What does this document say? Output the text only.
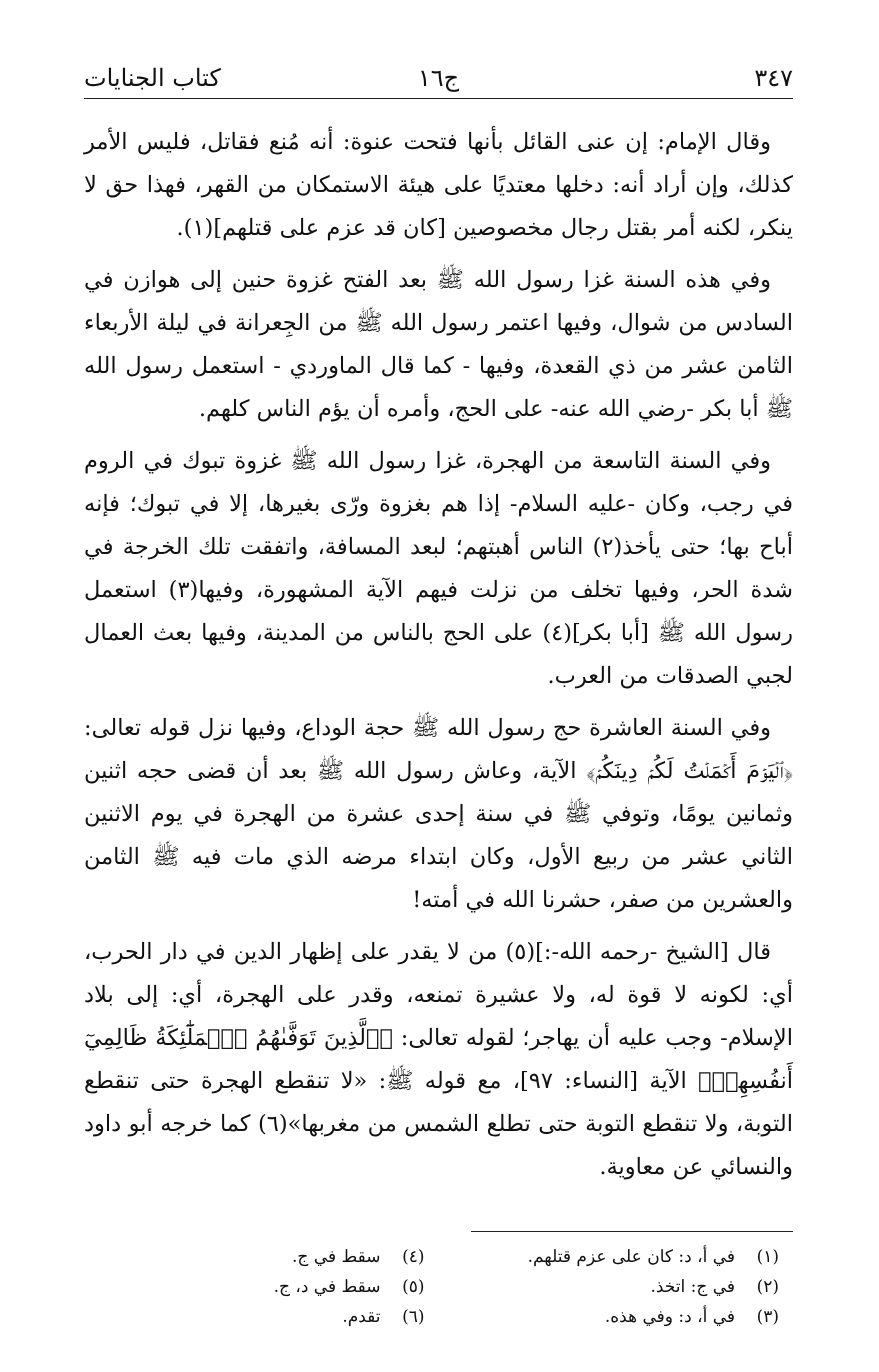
٣٤٧
ج١٦
كتاب الجنايات

وقال الإمام: إن عنى القائل بأنها فتحت عنوة: أنه مُنع فقاتل، فليس الأمر كذلك، وإن أراد أنه: دخلها معتديًا على هيئة الاستمكان من القهر، فهذا حق لا ينكر، لكنه أمر بقتل رجال مخصوصين [كان قد عزم على قتلهم](١).

وفي هذه السنة غزا رسول الله ﷺ بعد الفتح غزوة حنين إلى هوازن في السادس من شوال، وفيها اعتمر رسول الله ﷺ من الجِعرانة في ليلة الأربعاء الثامن عشر من ذي القعدة، وفيها - كما قال الماوردي - استعمل رسول الله ﷺ أبا بكر -رضي الله عنه- على الحج، وأمره أن يؤم الناس كلهم.

وفي السنة التاسعة من الهجرة، غزا رسول الله ﷺ غزوة تبوك في الروم في رجب، وكان -عليه السلام- إذا هم بغزوة ورّى بغيرها، إلا في تبوك؛ فإنه أباح بها؛ حتى يأخذ(٢) الناس أهبتهم؛ لبعد المسافة، واتفقت تلك الخرجة في شدة الحر، وفيها تخلف من نزلت فيهم الآية المشهورة، وفيها(٣) استعمل رسول الله ﷺ [أبا بكر](٤) على الحج بالناس من المدينة، وفيها بعث العمال لجبي الصدقات من العرب.

وفي السنة العاشرة حج رسول الله ﷺ حجة الوداع، وفيها نزل قوله تعالى: ﴿ٱلۡيَوۡمَ أَكۡمَلۡتُ لَكُمۡ دِينَكُمۡ﴾ الآية، وعاش رسول الله ﷺ بعد أن قضى حجه اثنين وثمانين يومًا، وتوفي ﷺ في سنة إحدى عشرة من الهجرة في يوم الاثنين الثاني عشر من ربيع الأول، وكان ابتداء مرضه الذي مات فيه ﷺ الثامن والعشرين من صفر، حشرنا الله في أمته!

قال [الشيخ -رحمه الله-:](٥) من لا يقدر على إظهار الدين في دار الحرب، أي: لكونه لا قوة له، ولا عشيرة تمنعه، وقدر على الهجرة، أي: إلى بلاد الإسلام- وجب عليه أن يهاجر؛ لقوله تعالى: ﴿ٱلَّذِينَ تَوَفَّىٰهُمُ ٱلۡمَلَٰٓئِكَةُ ظَالِمِيٓ أَنفُسِهِمۡ﴾ الآية [النساء: ٩٧]، مع قوله ﷺ: «لا تنقطع الهجرة حتى تنقطع التوبة، ولا تنقطع التوبة حتى تطلع الشمس من مغربها»(٦) كما خرجه أبو داود والنسائي عن معاوية.

(١)في أ، د: كان على عزم قتلهم.
(٢)في ج: اتخذ.
(٣)في أ، د: وفي هذه.
(٤)سقط في ج.
(٥)سقط في د، ج.
(٦)تقدم.
